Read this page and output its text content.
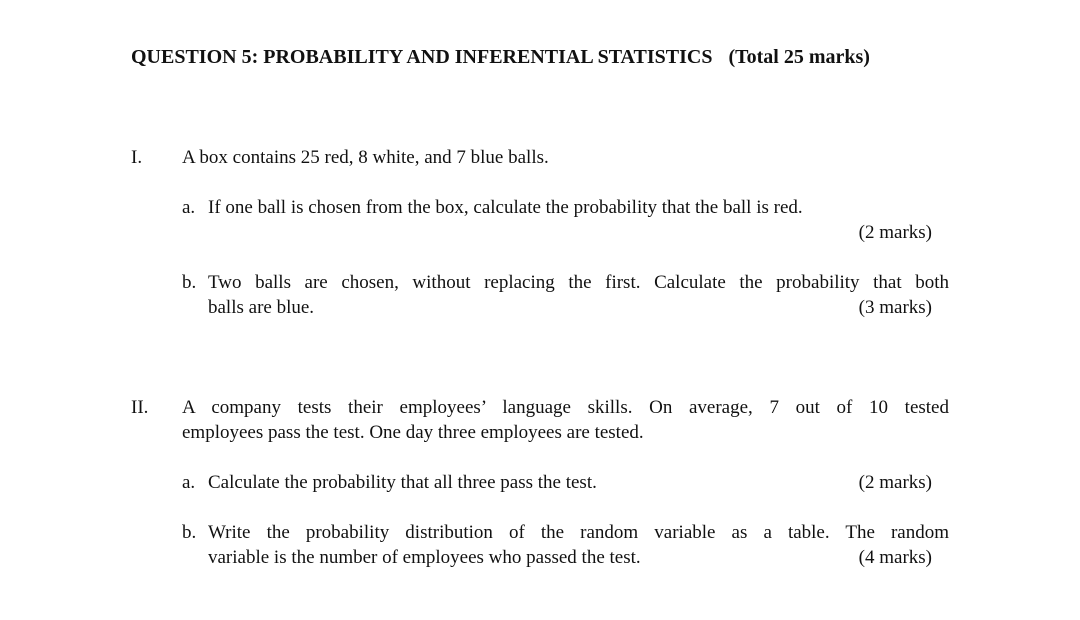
QUESTION 5: PROBABILITY AND INFERENTIAL STATISTICS (Total 25 marks)
I. A box contains 25 red, 8 white, and 7 blue balls.

a. If one ball is chosen from the box, calculate the probability that the ball is red.
(2 marks)
b. Two balls are chosen, without replacing the first. Calculate the probability that both
balls are blue.	(3 marks)
II. A company tests their employees’ language skills. On average, 7 out of 10 tested
employees pass the test. One day three employees are tested.
a. Calculate the probability that all three pass the test.	(2 marks)
b. Write the probability distribution of the random variable as a table. The random
variable is the number of employees who passed the test.	(4 marks)
